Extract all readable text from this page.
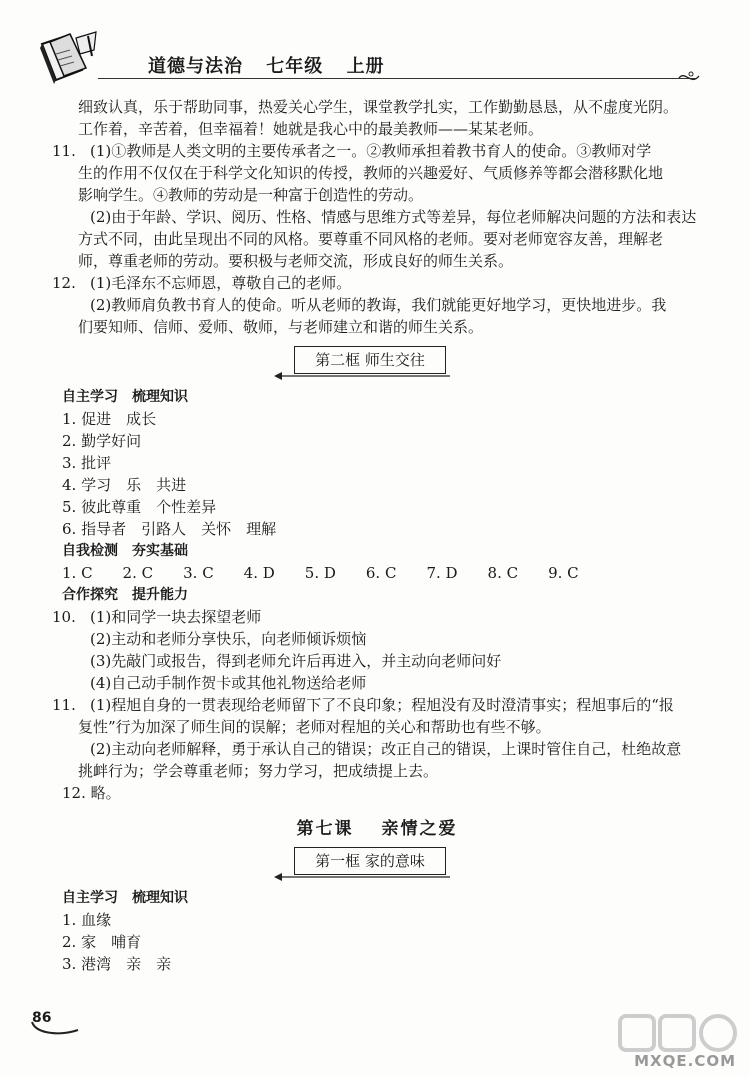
道德与法治 七年级 上册
细致认真，乐于帮助同事，热爱关心学生，课堂教学扎实，工作勤勤恳恳，从不虚度光阴。
工作着，辛苦着，但幸福着！她就是我心中的最美教师——某某老师。
11. (1)①教师是人类文明的主要传承者之一。②教师承担着教书育人的使命。③教师对学
生的作用不仅仅在于科学文化知识的传授，教师的兴趣爱好、气质修养等都会潜移默化地
影响学生。④教师的劳动是一种富于创造性的劳动。
(2)由于年龄、学识、阅历、性格、情感与思维方式等差异，每位老师解决问题的方法和表达
方式不同，由此呈现出不同的风格。要尊重不同风格的老师。要对老师宽容友善，理解老
师，尊重老师的劳动。要积极与老师交流，形成良好的师生关系。
12. (1)毛泽东不忘师恩，尊敬自己的老师。
(2)教师肩负教书育人的使命。听从老师的教诲，我们就能更好地学习，更快地进步。我
们要知师、信师、爱师、敬师，与老师建立和谐的师生关系。
第二框 师生交往
自主学习　梳理知识
1. 促进　成长
2. 勤学好问
3. 批评
4. 学习　乐　共进
5. 彼此尊重　个性差异
6. 指导者　引路人　关怀　理解
自我检测　夯实基础
1. C　　2. C　　3. C　　4. D　　5. D　　6. C　　7. D　　8. C　　9. C
合作探究　提升能力
10. (1)和同学一块去探望老师
(2)主动和老师分享快乐，向老师倾诉烦恼
(3)先敲门或报告，得到老师允许后再进入，并主动向老师问好
(4)自己动手制作贺卡或其他礼物送给老师
11. (1)程旭自身的一贯表现给老师留下了不良印象；程旭没有及时澄清事实；程旭事后的“报
复性”行为加深了师生间的误解；老师对程旭的关心和帮助也有些不够。
(2)主动向老师解释，勇于承认自己的错误；改正自己的错误，上课时管住自己，杜绝故意
挑衅行为；学会尊重老师；努力学习，把成绩提上去。
12. 略。
第七课 亲情之爱
第一框 家的意味
自主学习　梳理知识
1. 血缘
2. 家　哺育
3. 港湾　亲　亲
86
MXQE.COM
